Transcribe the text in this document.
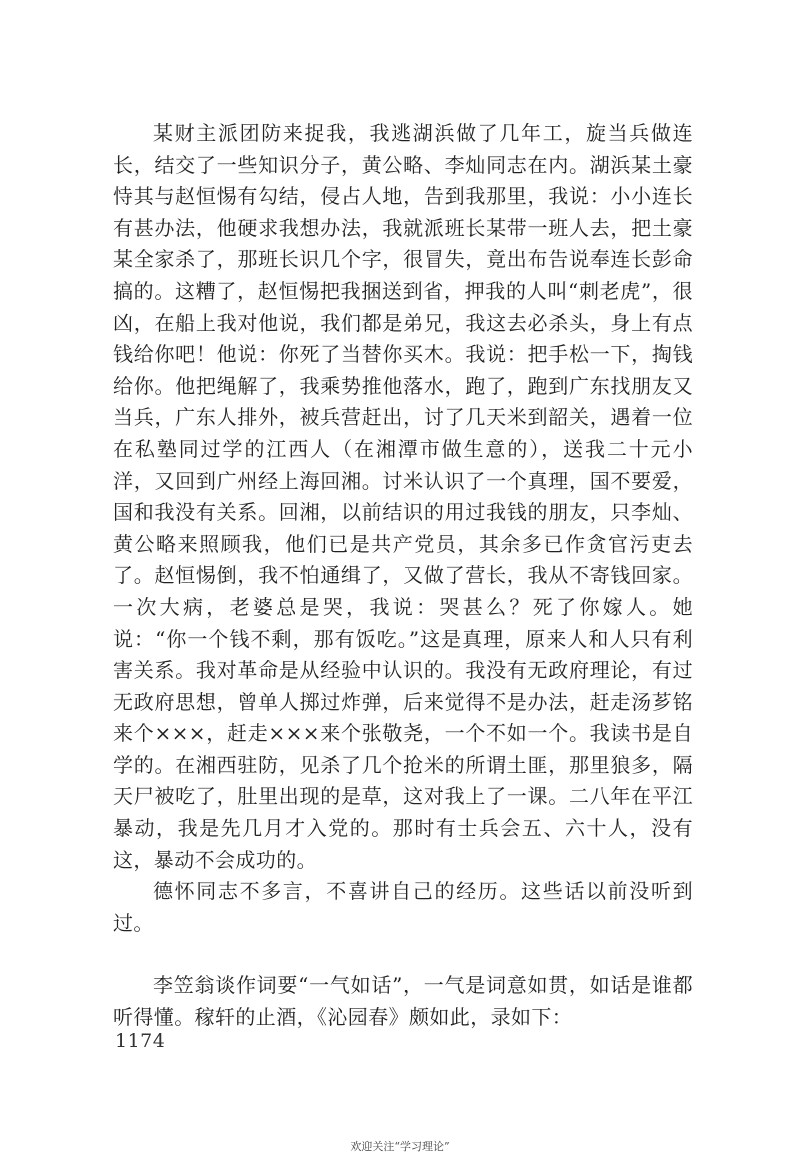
某财主派团防来捉我，我逃湖浜做了几年工，旋当兵做连长，结交了一些知识分子，黄公略、李灿同志在内。湖浜某土豪恃其与赵恒惕有勾结，侵占人地，告到我那里，我说：小小连长有甚办法，他硬求我想办法，我就派班长某带一班人去，把土豪某全家杀了，那班长识几个字，很冒失，竟出布告说奉连长彭命搞的。这糟了，赵恒惕把我捆送到省，押我的人叫“刺老虎”，很凶，在船上我对他说，我们都是弟兄，我这去必杀头，身上有点钱给你吧！他说：你死了当替你买木。我说：把手松一下，掏钱给你。他把绳解了，我乘势推他落水，跑了，跑到广东找朋友又当兵，广东人排外，被兵营赶出，讨了几天米到韶关，遇着一位在私塾同过学的江西人（在湘潭市做生意的），送我二十元小洋，又回到广州经上海回湘。讨米认识了一个真理，国不要爱，国和我没有关系。回湘，以前结识的用过我钱的朋友，只李灿、黄公略来照顾我，他们已是共产党员，其余多已作贪官污吏去了。赵恒惕倒，我不怕通缉了，又做了营长，我从不寄钱回家。一次大病，老婆总是哭，我说：哭甚么？死了你嫁人。她说：“你一个钱不剩，那有饭吃。”这是真理，原来人和人只有利害关系。我对革命是从经验中认识的。我没有无政府理论，有过无政府思想，曾单人掷过炸弹，后来觉得不是办法，赶走汤芗铭来个×××，赶走×××来个张敬尧，一个不如一个。我读书是自学的。在湘西驻防，见杀了几个抢米的所谓土匪，那里狼多，隔天尸被吃了，肚里出现的是草，这对我上了一课。二八年在平江暴动，我是先几月才入党的。那时有士兵会五、六十人，没有这，暴动不会成功的。

德怀同志不多言，不喜讲自己的经历。这些话以前没听到过。

李笠翁谈作词要“一气如话”，一气是词意如贯，如话是谁都听得懂。稼轩的止酒，《沁园春》颇如此，录如下：

1174
欢迎关注“学习理论”
